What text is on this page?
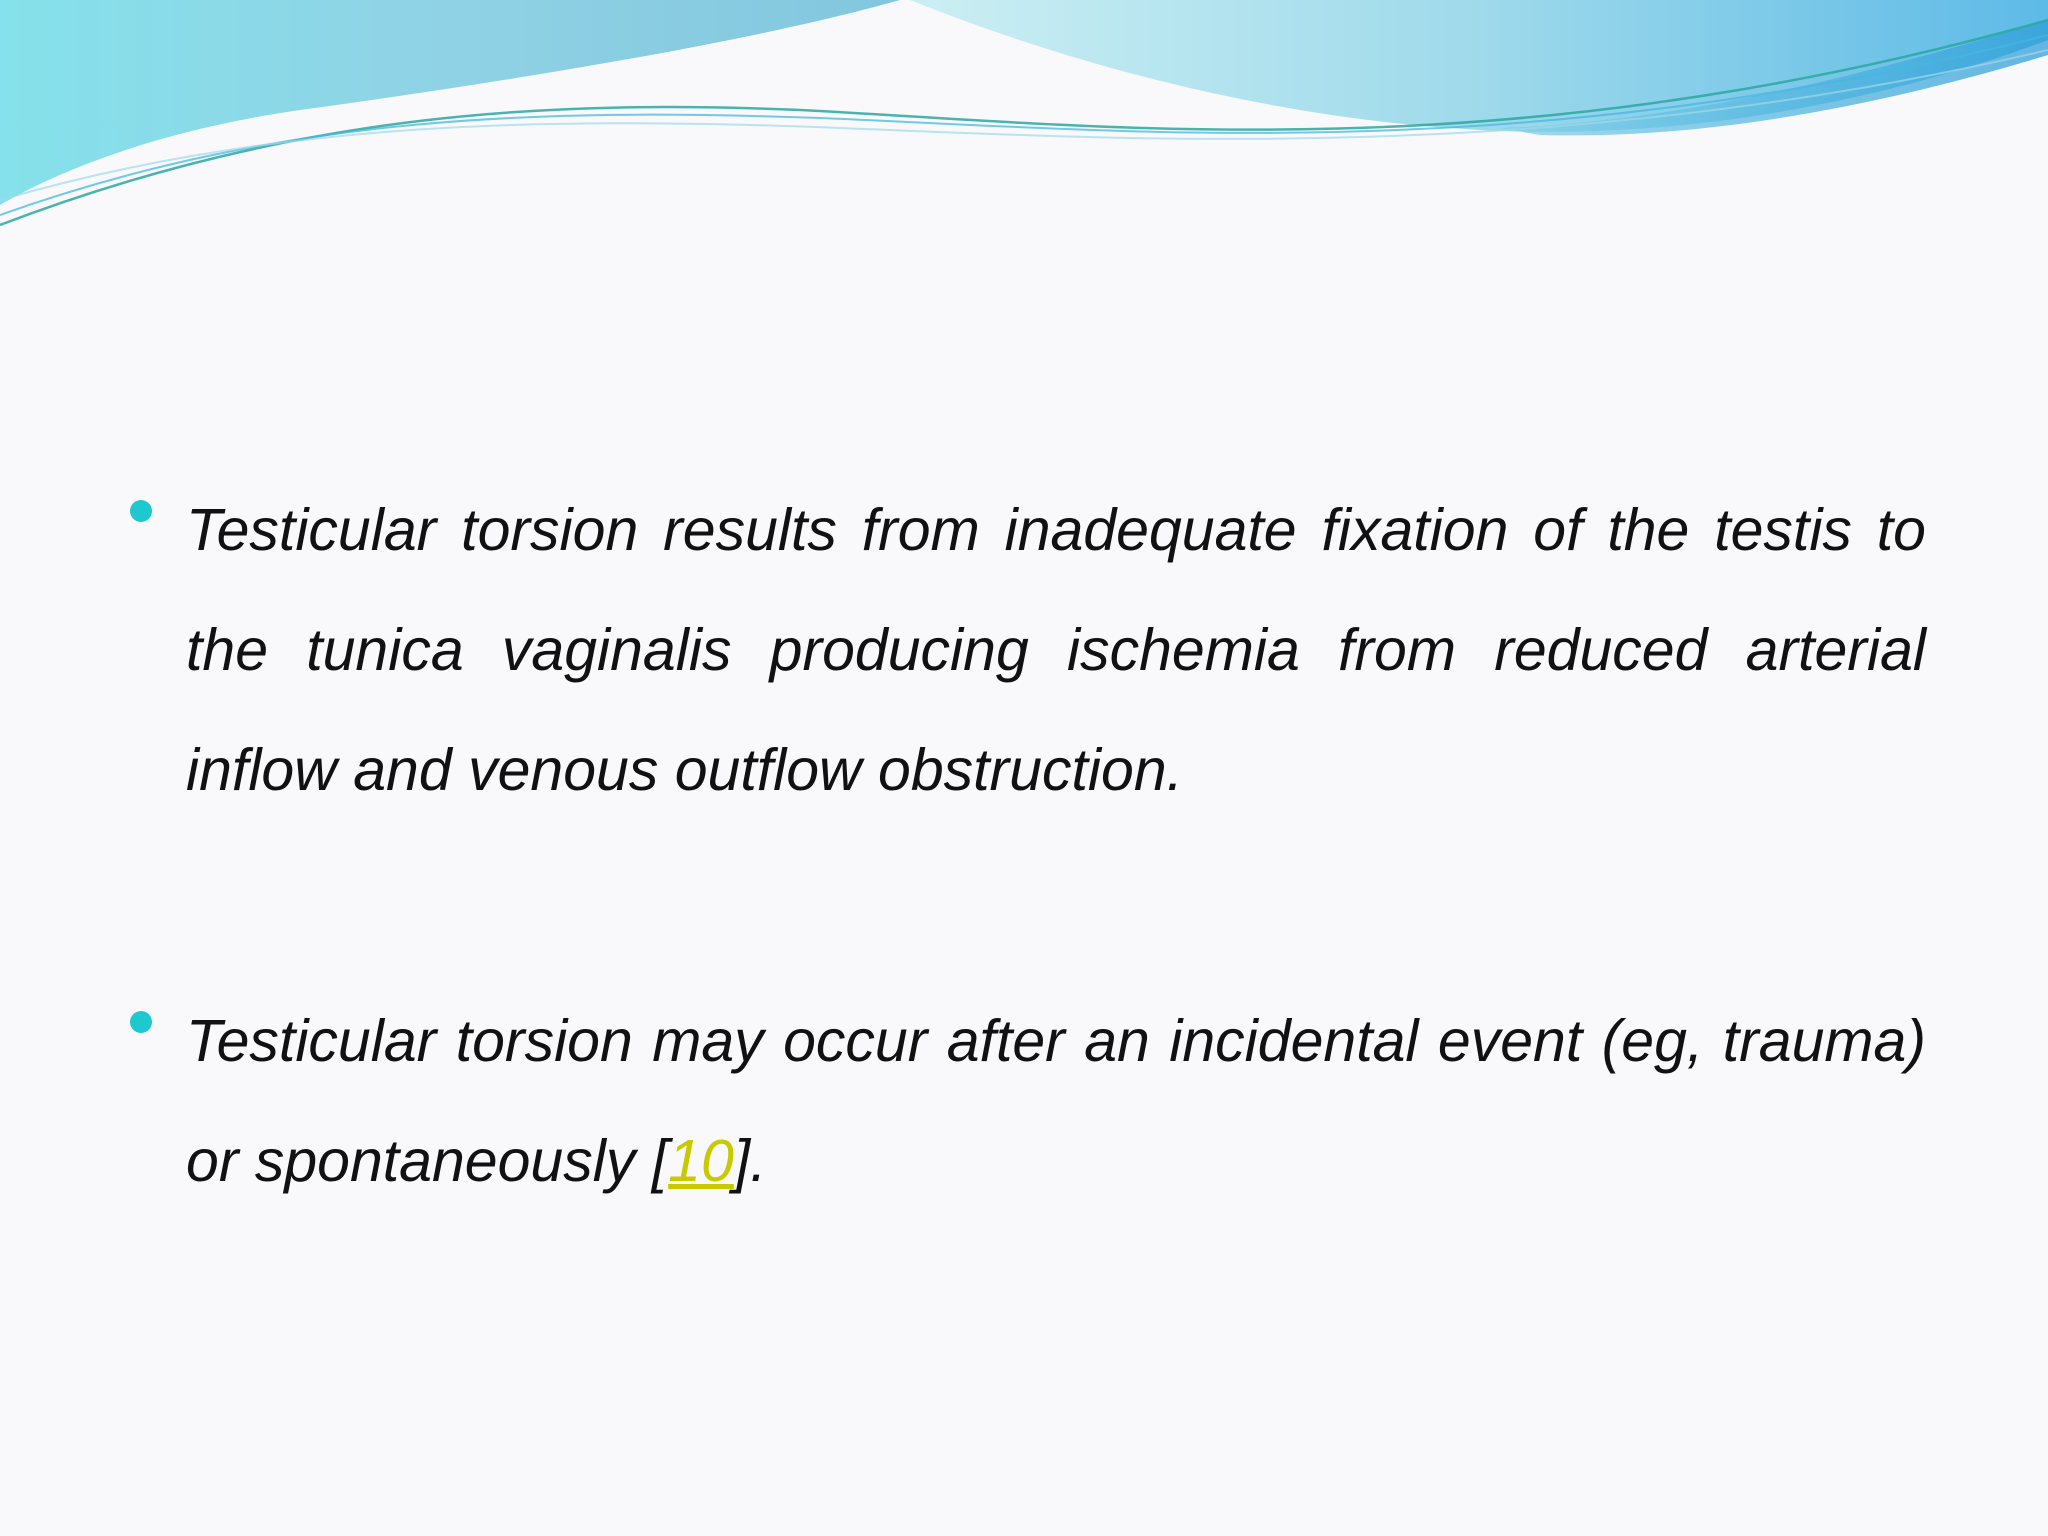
Testicular torsion results from inadequate fixation of the testis to the tunica vaginalis producing ischemia from reduced arterial inflow and venous outflow obstruction.

Testicular torsion may occur after an incidental event (eg, trauma) or spontaneously [10].
